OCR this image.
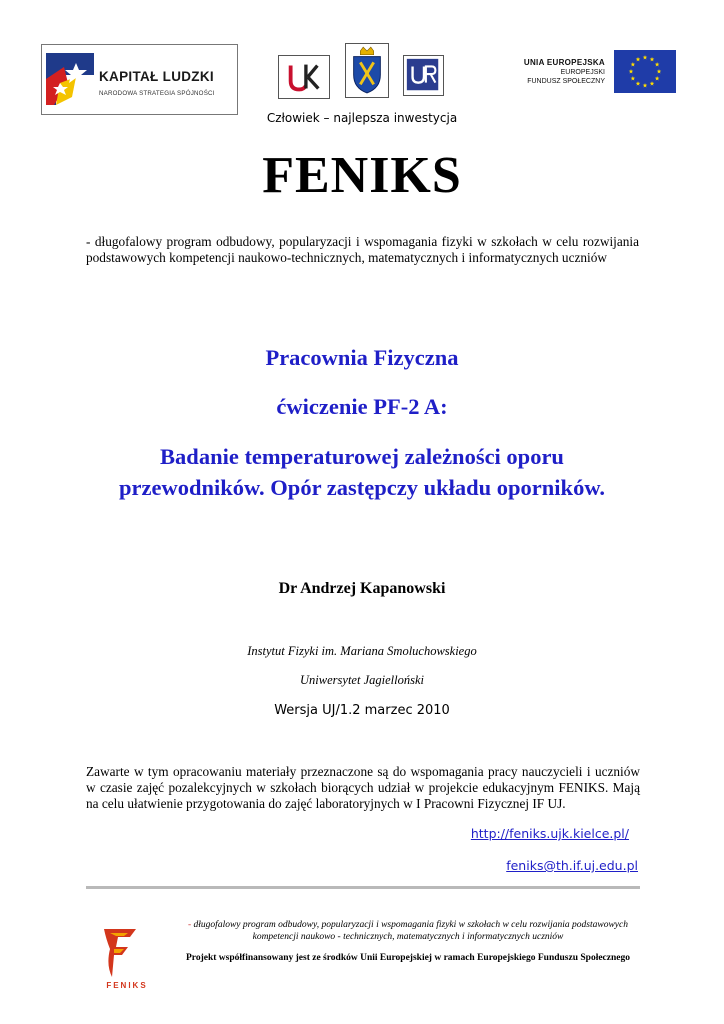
KAPITAŁ LUDZKI
NARODOWA STRATEGIA SPÓJNOŚCI
UNIA EUROPEJSKA
EUROPEJSKI
FUNDUSZ SPOŁECZNY
Człowiek – najlepsza inwestycja
FENIKS
- długofalowy program odbudowy, popularyzacji i wspomagania fizyki w szkołach w celu rozwijania podstawowych kompetencji naukowo-technicznych, matematycznych i informatycznych uczniów
Pracownia Fizyczna
ćwiczenie PF-2 A:
Badanie temperaturowej zależności oporu
przewodników. Opór zastępczy układu oporników.
Dr Andrzej Kapanowski
Instytut Fizyki im. Mariana Smoluchowskiego
Uniwersytet Jagielloński
Wersja UJ/1.2 marzec 2010
Zawarte w tym opracowaniu materiały przeznaczone są do wspomagania pracy nauczycieli i uczniów w czasie zajęć pozalekcyjnych w szkołach biorących udział w projekcie edukacyjnym FENIKS. Mają na celu ułatwienie przygotowania do zajęć laboratoryjnych w I Pracowni Fizycznej IF UJ.
http://feniks.ujk.kielce.pl/
feniks@th.if.uj.edu.pl
FENIKS
- długofalowy program odbudowy, popularyzacji i wspomagania fizyki w szkołach w celu rozwijania podstawowych
kompetencji naukowo - technicznych, matematycznych i informatycznych uczniów
Projekt współfinansowany jest ze środków Unii Europejskiej w ramach Europejskiego Funduszu Społecznego
